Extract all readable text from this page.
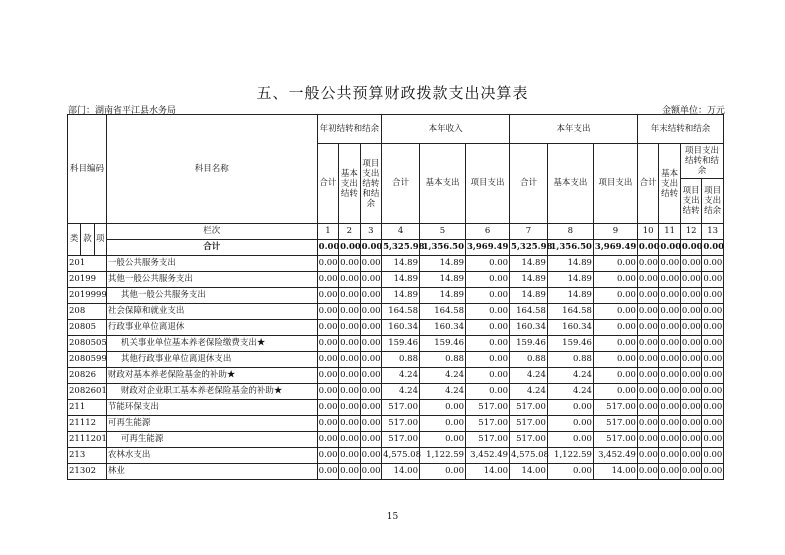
五、一般公共预算财政拨款支出决算表
部门：湖南省平江县水务局	金额单位：万元
科目编码			科目名称	年初结转和结余			本年收入			本年支出			年末结转和结余			
				合计	基本支出结转	项目支出结转和结余	合计	基本支出	项目支出	合计	基本支出	项目支出	合计	基本支出结转	项目支出结转和结余	
															项目支出结转	项目支出结余
类	款	项	栏次	1	2	3	4	5	6	7	8	9	10	11	12	13
			合计	0.00	0.00	0.00	5,325.98	1,356.50	3,969.49	5,325.98	1,356.50	3,969.49	0.00	0.00	0.00	0.00
201			一般公共服务支出	0.00	0.00	0.00	14.89	14.89	0.00	14.89	14.89	0.00	0.00	0.00	0.00	0.00
20199			其他一般公共服务支出	0.00	0.00	0.00	14.89	14.89	0.00	14.89	14.89	0.00	0.00	0.00	0.00	0.00
2019999			其他一般公共服务支出	0.00	0.00	0.00	14.89	14.89	0.00	14.89	14.89	0.00	0.00	0.00	0.00	0.00
208			社会保障和就业支出	0.00	0.00	0.00	164.58	164.58	0.00	164.58	164.58	0.00	0.00	0.00	0.00	0.00
20805			行政事业单位离退休	0.00	0.00	0.00	160.34	160.34	0.00	160.34	160.34	0.00	0.00	0.00	0.00	0.00
2080505			机关事业单位基本养老保险缴费支出★	0.00	0.00	0.00	159.46	159.46	0.00	159.46	159.46	0.00	0.00	0.00	0.00	0.00
2080599			其他行政事业单位离退休支出	0.00	0.00	0.00	0.88	0.88	0.00	0.88	0.88	0.00	0.00	0.00	0.00	0.00
20826			财政对基本养老保险基金的补助★	0.00	0.00	0.00	4.24	4.24	0.00	4.24	4.24	0.00	0.00	0.00	0.00	0.00
2082601			财政对企业职工基本养老保险基金的补助★	0.00	0.00	0.00	4.24	4.24	0.00	4.24	4.24	0.00	0.00	0.00	0.00	0.00
211			节能环保支出	0.00	0.00	0.00	517.00	0.00	517.00	517.00	0.00	517.00	0.00	0.00	0.00	0.00
21112			可再生能源	0.00	0.00	0.00	517.00	0.00	517.00	517.00	0.00	517.00	0.00	0.00	0.00	0.00
2111201			可再生能源	0.00	0.00	0.00	517.00	0.00	517.00	517.00	0.00	517.00	0.00	0.00	0.00	0.00
213			农林水支出	0.00	0.00	0.00	4,575.08	1,122.59	3,452.49	4,575.08	1,122.59	3,452.49	0.00	0.00	0.00	0.00
21302			林业	0.00	0.00	0.00	14.00	0.00	14.00	14.00	0.00	14.00	0.00	0.00	0.00	0.00
15
